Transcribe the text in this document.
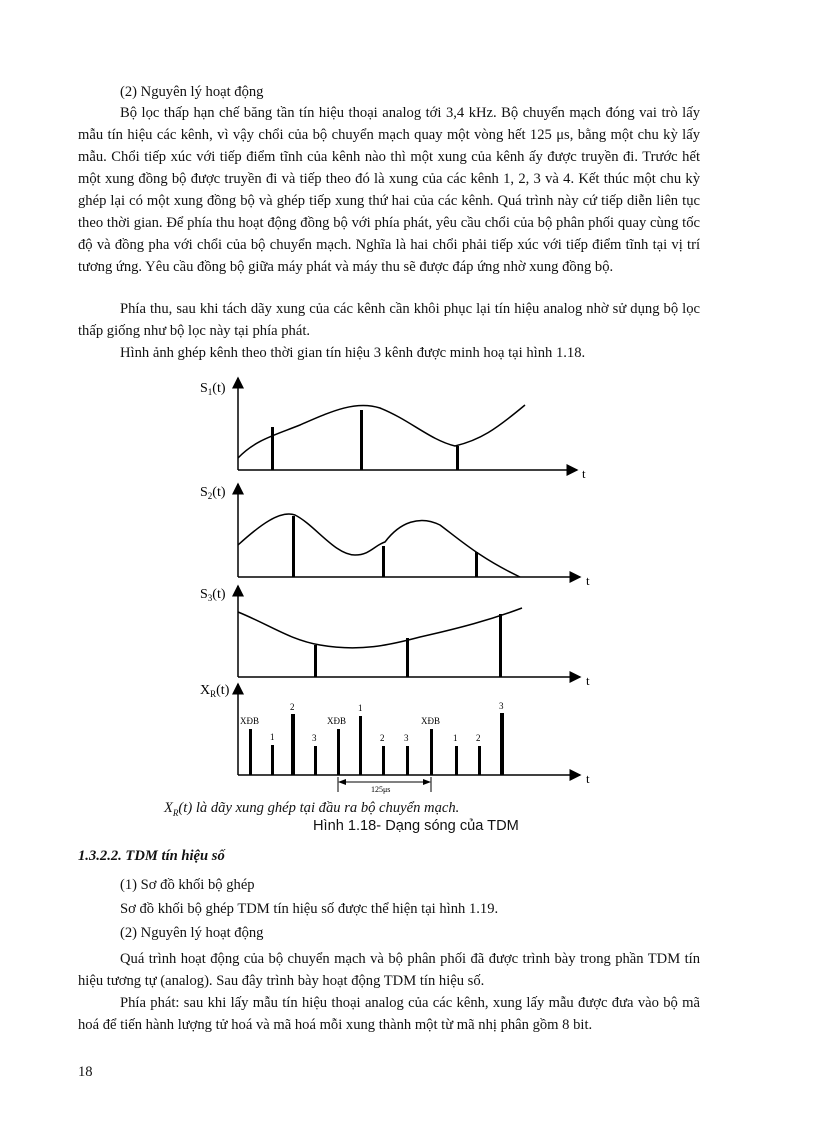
(2) Nguyên lý hoạt động

Bộ lọc thấp hạn chế băng tần tín hiệu thoại analog tới 3,4 kHz. Bộ chuyển mạch đóng vai trò lấy mẫu tín hiệu các kênh, vì vậy chổi của bộ chuyển mạch quay một vòng hết 125 μs, bằng một chu kỳ lấy mẫu. Chổi tiếp xúc với tiếp điểm tĩnh của kênh nào thì một xung của kênh ấy được truyền đi. Trước hết một xung đồng bộ được truyền đi và tiếp theo đó là xung của các kênh 1, 2, 3 và 4. Kết thúc một chu kỳ ghép lại có một xung đồng bộ và ghép tiếp xung thứ hai của các kênh. Quá trình này cứ tiếp diễn liên tục theo thời gian. Để phía thu hoạt động đồng bộ với phía phát, yêu cầu chổi của bộ phân phối quay cùng tốc độ và đồng pha với chổi của bộ chuyển mạch. Nghĩa là hai chổi phải tiếp xúc với tiếp điểm tĩnh tại vị trí tương ứng. Yêu cầu đồng bộ giữa máy phát và máy thu sẽ được đáp ứng nhờ xung đồng bộ.

Phía thu, sau khi tách dãy xung của các kênh cần khôi phục lại tín hiệu analog nhờ sử dụng bộ lọc thấp giống như bộ lọc này tại phía phát.

Hình ảnh ghép kênh theo thời gian tín hiệu 3 kênh được minh hoạ tại hình 1.18.

$S_1(t)$
t
$S_2(t)$
t
$S_3(t)$
t
$X_R(t)$
t
XĐB
1
2
3
XĐB
1
2 3
XĐB
1 2
3
125μs
$X_R(t)$ là dãy xung ghép tại đầu ra bộ chuyển mạch.
Hình 1.18- Dạng sóng của TDM

1.3.2.2. TDM tín hiệu số

(1) Sơ đồ khối bộ ghép

Sơ đồ khối bộ ghép TDM tín hiệu số được thể hiện tại hình 1.19.

(2) Nguyên lý hoạt động

Quá trình hoạt động của bộ chuyển mạch và bộ phân phối đã được trình bày trong phần TDM tín hiệu tương tự (analog). Sau đây trình bày hoạt động TDM tín hiệu số.

Phía phát: sau khi lấy mẫu tín hiệu thoại analog của các kênh, xung lấy mẫu được đưa vào bộ mã hoá để tiến hành lượng tử hoá và mã hoá mỗi xung thành một từ mã nhị phân gồm 8 bit.

18
